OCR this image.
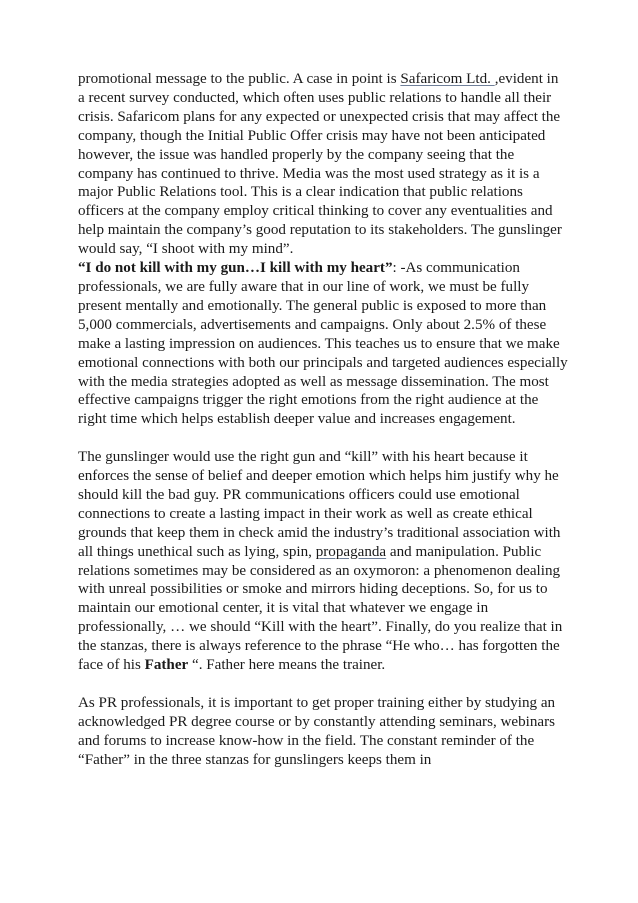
promotional message to the public. A case in point is Safaricom Ltd. ,evident in a recent survey conducted, which often uses public relations to handle all their crisis. Safaricom plans for any expected or unexpected crisis that may affect the company, though the Initial Public Offer crisis may have not been anticipated however, the issue was handled properly by the company seeing that the company has continued to thrive. Media was the most used strategy as it is a major Public Relations tool. This is a clear indication that public relations officers at the company employ critical thinking to cover any eventualities and help maintain the company’s good reputation to its stakeholders. The gunslinger would say, “I shoot with my mind”.

“I do not kill with my gun…I kill with my heart”: -As communication professionals, we are fully aware that in our line of work, we must be fully present mentally and emotionally. The general public is exposed to more than 5,000 commercials, advertisements and campaigns. Only about 2.5% of these make a lasting impression on audiences. This teaches us to ensure that we make emotional connections with both our principals and targeted audiences especially with the media strategies adopted as well as message dissemination. The most effective campaigns trigger the right emotions from the right audience at the right time which helps establish deeper value and increases engagement.

The gunslinger would use the right gun and “kill” with his heart because it enforces the sense of belief and deeper emotion which helps him justify why he should kill the bad guy. PR communications officers could use emotional connections to create a lasting impact in their work as well as create ethical grounds that keep them in check amid the industry’s traditional association with all things unethical such as lying, spin, propaganda and manipulation. Public relations sometimes may be considered as an oxymoron: a phenomenon dealing with unreal possibilities or smoke and mirrors hiding deceptions. So, for us to maintain our emotional center, it is vital that whatever we engage in professionally, … we should “Kill with the heart”. Finally, do you realize that in the stanzas, there is always reference to the phrase “He who… has forgotten the face of his Father “. Father here means the trainer.

As PR professionals, it is important to get proper training either by studying an acknowledged PR degree course or by constantly attending seminars, webinars and forums to increase know-how in the field. The constant reminder of the “Father” in the three stanzas for gunslingers keeps them in
